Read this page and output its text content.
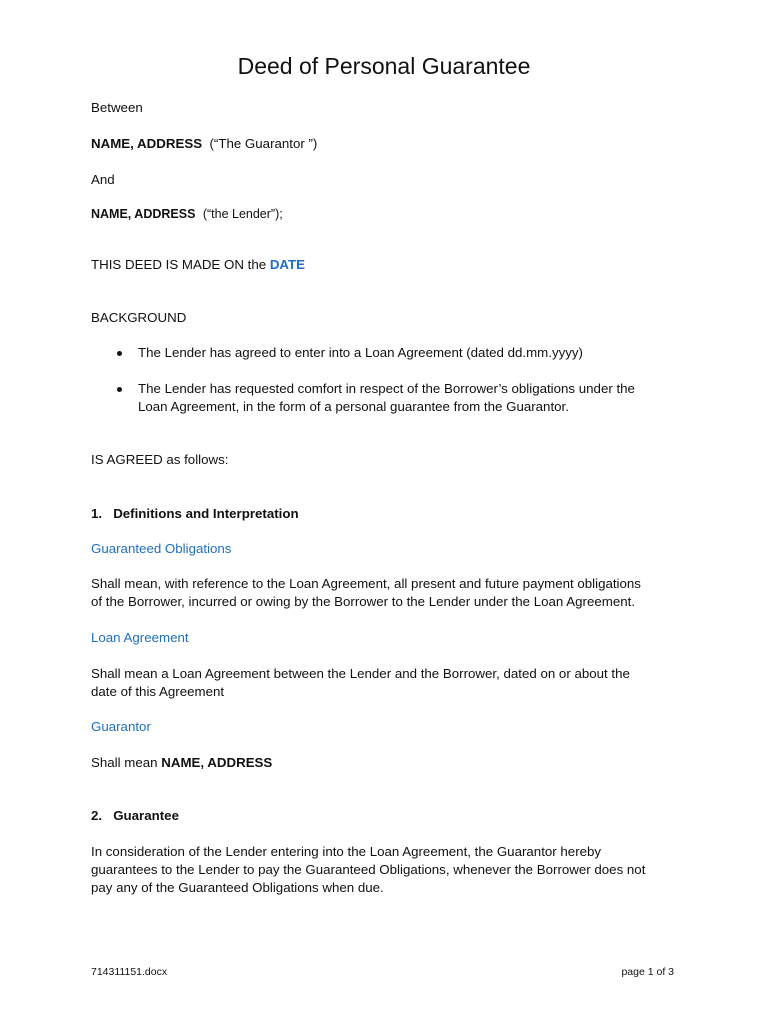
Deed of Personal Guarantee
Between
NAME, ADDRESS (“The Guarantor ”)
And
NAME, ADDRESS (“the Lender”);
THIS DEED IS MADE ON the DATE
BACKGROUND
The Lender has agreed to enter into a Loan Agreement (dated dd.mm.yyyy)
The Lender has requested comfort in respect of the Borrower’s obligations under the
Loan Agreement, in the form of a personal guarantee from the Guarantor.
IS AGREED as follows:
1. Definitions and Interpretation
Guaranteed Obligations
Shall mean, with reference to the Loan Agreement, all present and future payment obligations
of the Borrower, incurred or owing by the Borrower to the Lender under the Loan Agreement.
Loan Agreement
Shall mean a Loan Agreement between the Lender and the Borrower, dated on or about the
date of this Agreement
Guarantor
Shall mean NAME, ADDRESS
2. Guarantee
In consideration of the Lender entering into the Loan Agreement, the Guarantor hereby
guarantees to the Lender to pay the Guaranteed Obligations, whenever the Borrower does not
pay any of the Guaranteed Obligations when due.
714311151.docx	page 1 of 3
